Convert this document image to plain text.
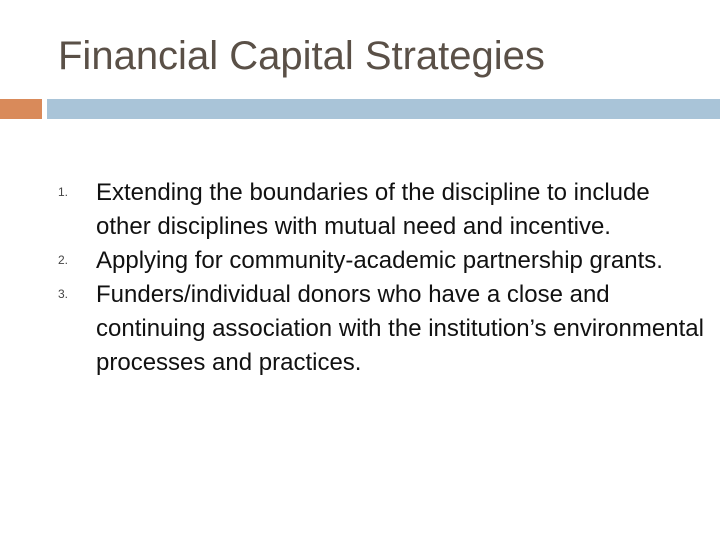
Financial Capital Strategies
1.	Extending the boundaries of the discipline to include other disciplines with mutual need and incentive.
2.	Applying for community-academic partnership grants.
3.	Funders/individual donors who have a close and continuing association with the institution’s environmental processes and practices.
